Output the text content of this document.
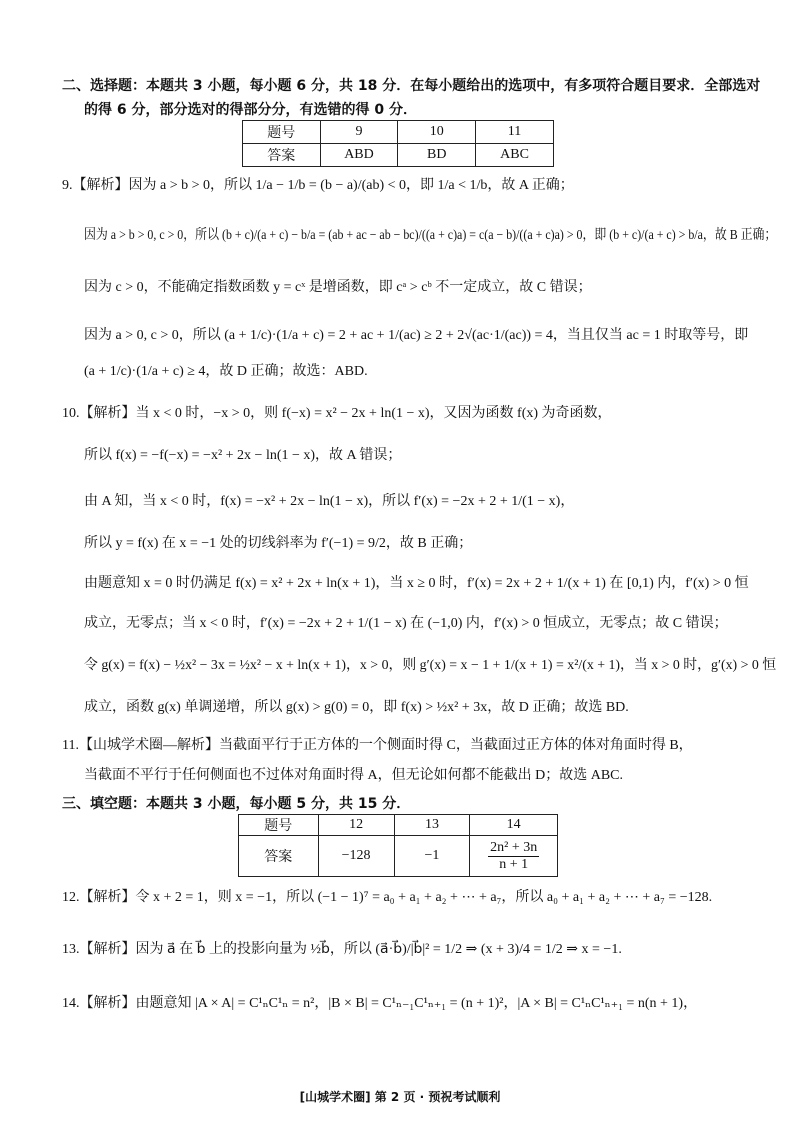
二、选择题：本题共 3 小题，每小题 6 分，共 18 分．在每小题给出的选项中，有多项符合题目要求．全部选对
的得 6 分，部分选对的得部分分，有选错的得 0 分．
题号	9	10	11
答案	ABD	BD	ABC
9.【解析】因为 a > b > 0，所以 1/a − 1/b = (b − a)/(ab) < 0，即 1/a < 1/b，故 A 正确；
因为 a > b > 0, c > 0，所以 (b + c)/(a + c) − b/a = (ab + ac − ab − bc)/((a + c)a) = c(a − b)/((a + c)a) > 0，即 (b + c)/(a + c) > b/a，故 B 正确；
因为 c > 0，不能确定指数函数 y = cˣ 是增函数，即 cᵃ > cᵇ 不一定成立，故 C 错误；
因为 a > 0, c > 0，所以 (a + 1/c)·(1/a + c) = 2 + ac + 1/(ac) ≥ 2 + 2√(ac·1/(ac)) = 4，当且仅当 ac = 1 时取等号，即
(a + 1/c)·(1/a + c) ≥ 4，故 D 正确；故选：ABD.
10.【解析】当 x < 0 时，−x > 0，则 f(−x) = x² − 2x + ln(1 − x)，又因为函数 f(x) 为奇函数，
所以 f(x) = −f(−x) = −x² + 2x − ln(1 − x)，故 A 错误；
由 A 知，当 x < 0 时，f(x) = −x² + 2x − ln(1 − x)，所以 f′(x) = −2x + 2 + 1/(1 − x)，
所以 y = f(x) 在 x = −1 处的切线斜率为 f′(−1) = 9/2，故 B 正确；
由题意知 x = 0 时仍满足 f(x) = x² + 2x + ln(x + 1)，当 x ≥ 0 时，f′(x) = 2x + 2 + 1/(x + 1) 在 [0,1) 内，f′(x) > 0 恒
成立，无零点；当 x < 0 时，f′(x) = −2x + 2 + 1/(1 − x) 在 (−1,0) 内，f′(x) > 0 恒成立，无零点；故 C 错误；
令 g(x) = f(x) − ½x² − 3x = ½x² − x + ln(x + 1)，x > 0，则 g′(x) = x − 1 + 1/(x + 1) = x²/(x + 1)，当 x > 0 时，g′(x) > 0 恒
成立，函数 g(x) 单调递增，所以 g(x) > g(0) = 0，即 f(x) > ½x² + 3x，故 D 正确；故选 BD.
11.【山城学术圈—解析】当截面平行于正方体的一个侧面时得 C，当截面过正方体的体对角面时得 B，
当截面不平行于任何侧面也不过体对角面时得 A，但无论如何都不能截出 D；故选 ABC.
三、填空题：本题共 3 小题，每小题 5 分，共 15 分．
题号	12	13	14
答案	−128	−1	$\frac{\text{2n² + 3n}}{n + 1}$
12.【解析】令 x + 2 = 1，则 x = −1，所以 (−1 − 1)⁷ = a₀ + a₁ + a₂ + ⋯ + a₇，所以 a₀ + a₁ + a₂ + ⋯ + a₇ = −128.
13.【解析】因为 a⃗ 在 b⃗ 上的投影向量为 ½b⃗，所以 (a⃗·b⃗)/|b⃗|² = 1/2 ⇒ (x + 3)/4 = 1/2 ⇒ x = −1.
14.【解析】由题意知 |A × A| = C¹ₙC¹ₙ = n²，|B × B| = C¹ₙ₋₁C¹ₙ₊₁ = (n + 1)²，|A × B| = C¹ₙC¹ₙ₊₁ = n(n + 1)，
[山城学术圈] 第 2 页 · 预祝考试顺利
